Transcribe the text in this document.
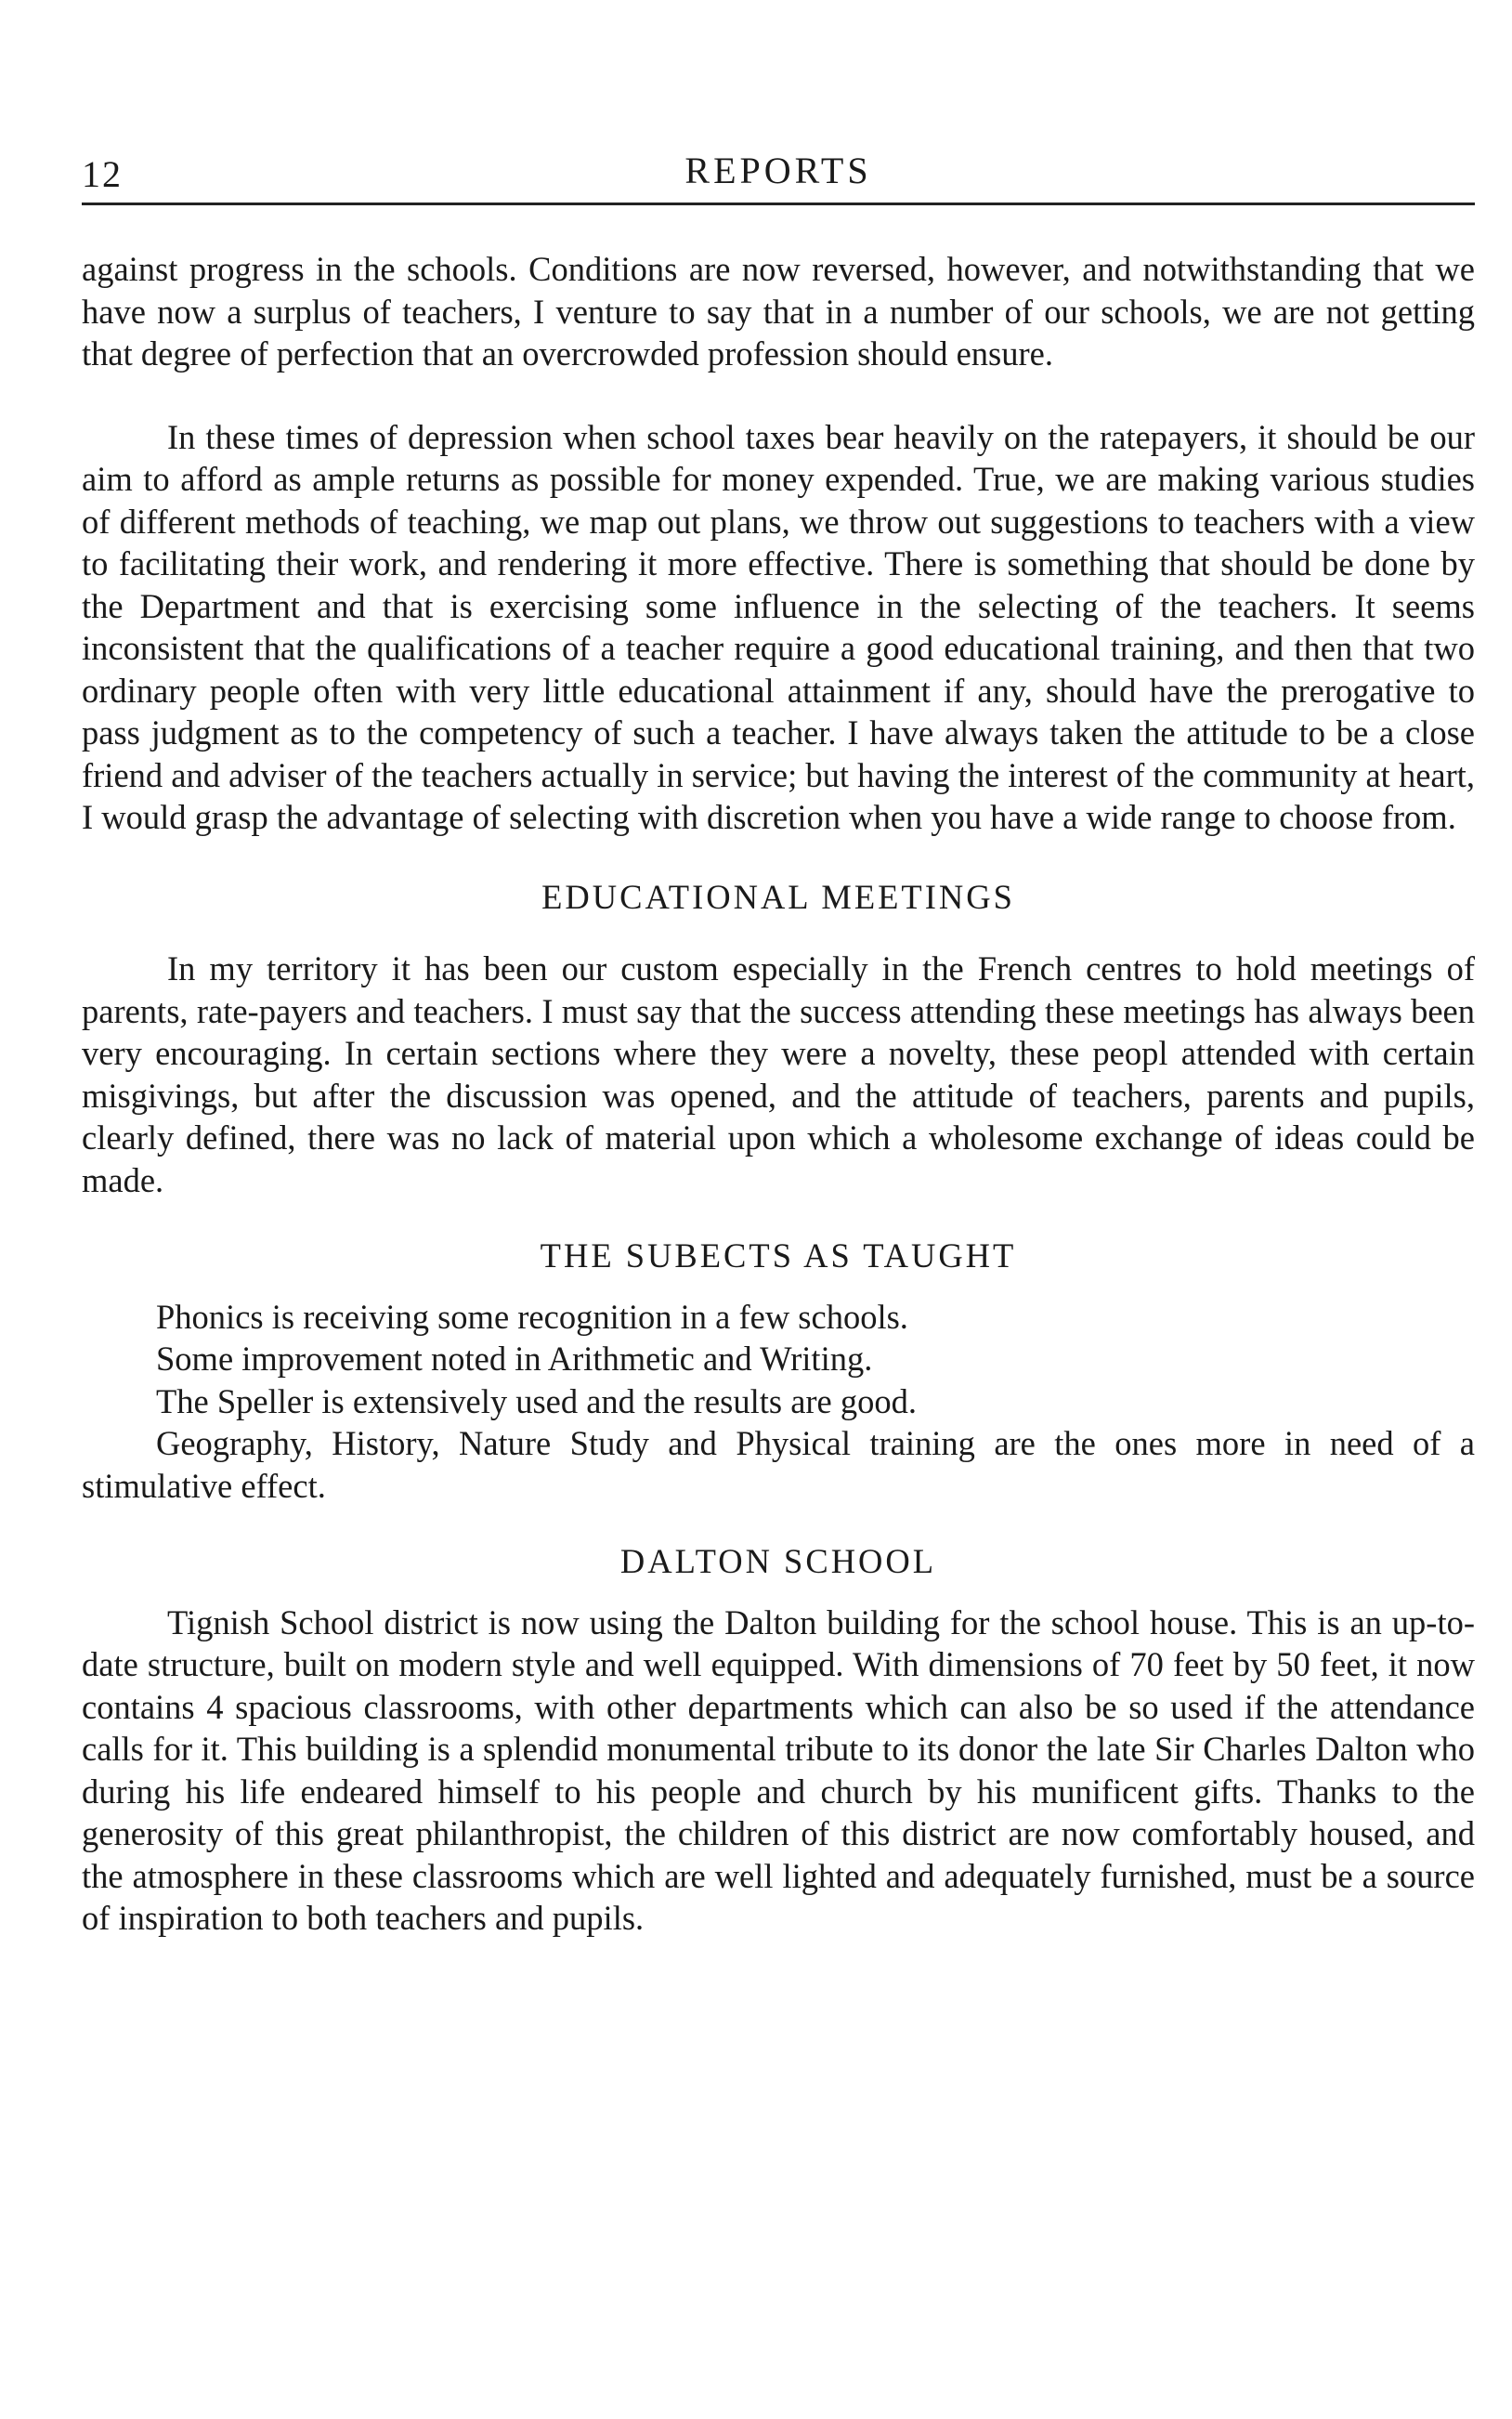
12	REPORTS

against progress in the schools. Conditions are now reversed, however, and notwithstanding that we have now a surplus of teachers, I venture to say that in a number of our schools, we are not getting that degree of perfection that an overcrowded profession should ensure.

In these times of depression when school taxes bear heavily on the ratepayers, it should be our aim to afford as ample returns as possible for money expended. True, we are making various studies of different methods of teaching, we map out plans, we throw out suggestions to teachers with a view to facilitating their work, and rendering it more effective. There is something that should be done by the Department and that is exercising some influence in the selecting of the teachers. It seems inconsistent that the qualifications of a teacher require a good educational training, and then that two ordinary people often with very little educational attainment if any, should have the prerogative to pass judgment as to the competency of such a teacher. I have always taken the attitude to be a close friend and adviser of the teachers actually in service; but having the interest of the community at heart, I would grasp the advantage of selecting with discretion when you have a wide range to choose from.

EDUCATIONAL MEETINGS

In my territory it has been our custom especially in the French centres to hold meetings of parents, rate-payers and teachers. I must say that the success attending these meetings has always been very encouraging. In certain sections where they were a novelty, these peopl attended with certain misgivings, but after the discussion was opened, and the attitude of teachers, parents and pupils, clearly defined, there was no lack of material upon which a wholesome exchange of ideas could be made.

THE SUBECTS AS TAUGHT

Phonics is receiving some recognition in a few schools.

Some improvement noted in Arithmetic and Writing.

The Speller is extensively used and the results are good.

Geography, History, Nature Study and Physical training are the ones more in need of a stimulative effect.

DALTON SCHOOL

Tignish School district is now using the Dalton building for the school house. This is an up-to-date structure, built on modern style and well equipped. With dimensions of 70 feet by 50 feet, it now contains 4 spacious classrooms, with other departments which can also be so used if the attendance calls for it. This building is a splendid monumental tribute to its donor the late Sir Charles Dalton who during his life endeared himself to his people and church by his munificent gifts. Thanks to the generosity of this great philanthropist, the children of this district are now comfortably housed, and the atmosphere in these classrooms which are well lighted and adequately furnished, must be a source of inspiration to both teachers and pupils.
